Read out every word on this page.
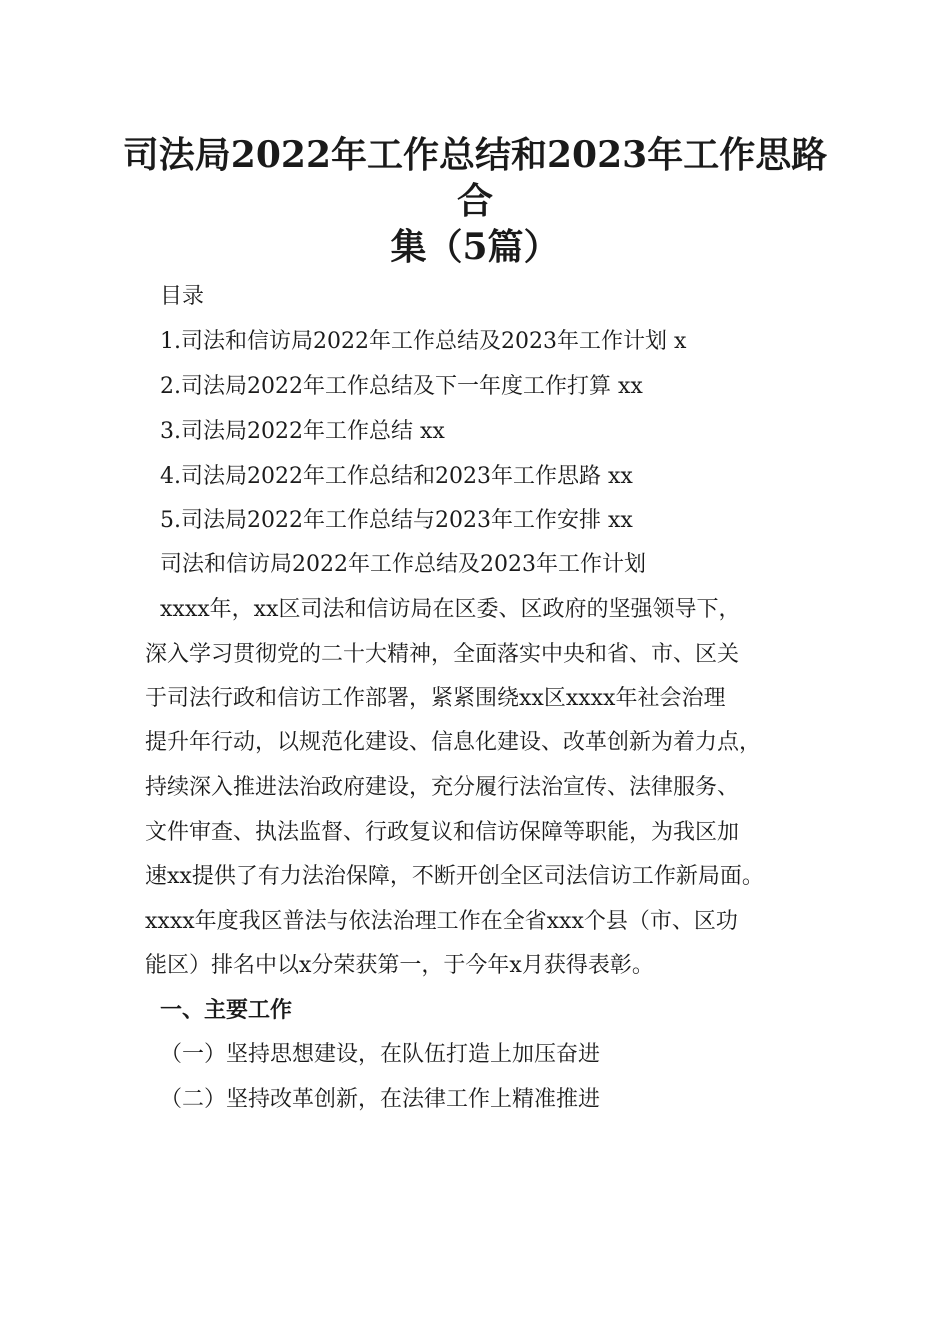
司法局2022年工作总结和2023年工作思路合
集（5篇）
目录
1.司法和信访局2022年工作总结及2023年工作计划 x
2.司法局2022年工作总结及下一年度工作打算 xx
3.司法局2022年工作总结 xx
4.司法局2022年工作总结和2023年工作思路 xx
5.司法局2022年工作总结与2023年工作安排 xx
司法和信访局2022年工作总结及2023年工作计划
xxxx年，xx区司法和信访局在区委、区政府的坚强领导下，
深入学习贯彻党的二十大精神，全面落实中央和省、市、区关
于司法行政和信访工作部署，紧紧围绕xx区xxxx年社会治理
提升年行动，以规范化建设、信息化建设、改革创新为着力点，
持续深入推进法治政府建设，充分履行法治宣传、法律服务、
文件审查、执法监督、行政复议和信访保障等职能，为我区加
速xx提供了有力法治保障，不断开创全区司法信访工作新局面。
xxxx年度我区普法与依法治理工作在全省xxx个县（市、区功
能区）排名中以x分荣获第一，于今年x月获得表彰。
一、主要工作
（一）坚持思想建设，在队伍打造上加压奋进
（二）坚持改革创新，在法律工作上精准推进
